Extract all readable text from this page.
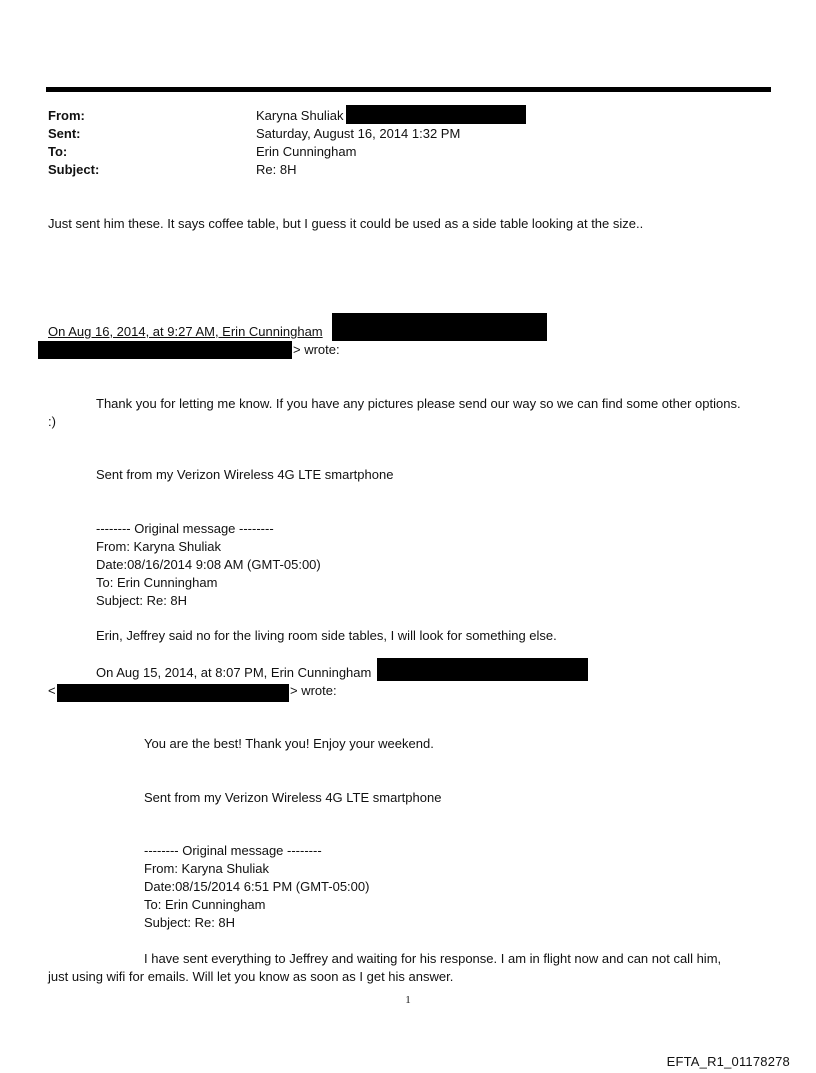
From:	Karyna Shuliak
Sent:	Saturday, August 16, 2014 1:32 PM
To:	Erin Cunningham
Subject:	Re: 8H
Just sent him these. It says coffee table, but I guess it could be used as a side table looking at the size..
On Aug 16, 2014, at 9:27 AM, Erin Cunningham
> wrote:
Thank you for letting me know. If you have any pictures please send our way so we can find some other options.
:)
Sent from my Verizon Wireless 4G LTE smartphone
-------- Original message --------
From: Karyna Shuliak
Date:08/16/2014 9:08 AM (GMT-05:00)
To: Erin Cunningham
Subject: Re: 8H
Erin, Jeffrey said no for the living room side tables, I will look for something else.
On Aug 15, 2014, at 8:07 PM, Erin Cunningham
<	> wrote:
You are the best! Thank you! Enjoy your weekend.
Sent from my Verizon Wireless 4G LTE smartphone
-------- Original message --------
From: Karyna Shuliak
Date:08/15/2014 6:51 PM (GMT-05:00)
To: Erin Cunningham
Subject: Re: 8H
I have sent everything to Jeffrey and waiting for his response. I am in flight now and can not call him,
just using wifi for emails. Will let you know as soon as I get his answer.
1
EFTA_R1_01178278
